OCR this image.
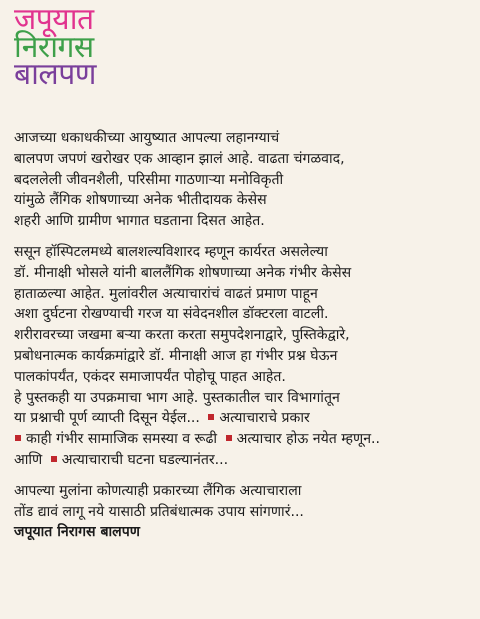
जपूयात
निरागस
बालपण
आजच्या धकाधकीच्या आयुष्यात आपल्या लहानग्याचं
बालपण जपणं खरोखर एक आव्हान झालं आहे. वाढता चंगळवाद,
बदललेली जीवनशैली, परिसीमा गाठणाऱ्या मनोविकृती
यांमुळे लैंगिक शोषणाच्या अनेक भीतीदायक केसेस
शहरी आणि ग्रामीण भागात घडताना दिसत आहेत.
ससून हॉस्पिटलमध्ये बालशल्यविशारद म्हणून कार्यरत असलेल्या
डॉ. मीनाक्षी भोसले यांनी बाललैंगिक शोषणाच्या अनेक गंभीर केसेस
हाताळल्या आहेत. मुलांवरील अत्याचारांचं वाढतं प्रमाण पाहून
अशा दुर्घटना रोखण्याची गरज या संवेदनशील डॉक्टरला वाटली.
शरीरावरच्या जखमा बऱ्या करता करता समुपदेशनाद्वारे, पुस्तिकेद्वारे,
प्रबोधनात्मक कार्यक्रमांद्वारे डॉ. मीनाक्षी आज हा गंभीर प्रश्न घेऊन
पालकांपर्यंत, एकंदर समाजापर्यंत पोहोचू पाहत आहेत.
हे पुस्तकही या उपक्रमाचा भाग आहे. पुस्तकातील चार विभागांतून
या प्रश्नाची पूर्ण व्याप्ती दिसून येईल... अत्याचाराचे प्रकार
काही गंभीर सामाजिक समस्या व रूढी अत्याचार होऊ नयेत म्हणून..
आणि अत्याचाराची घटना घडल्यानंतर...
आपल्या मुलांना कोणत्याही प्रकारच्या लैंगिक अत्याचाराला
तोंड द्यावं लागू नये यासाठी प्रतिबंधात्मक उपाय सांगणारं...
जपूयात निरागस बालपण
